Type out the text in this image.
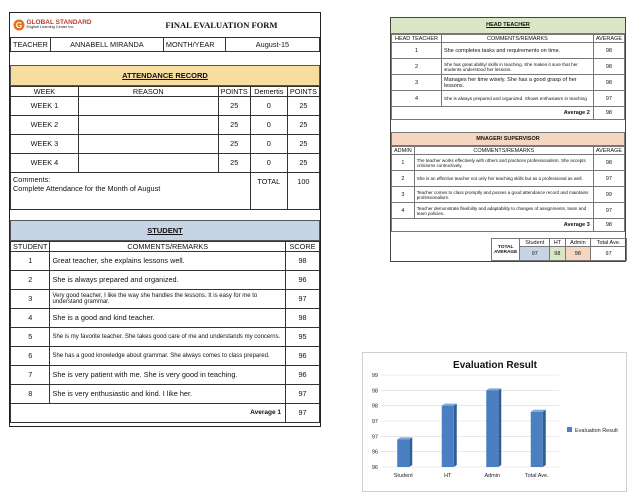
G GLOBAL STANDARD
English Learning Center Inc.		FINAL EVALUATION FORM	
TEACHER	ANNABELL MIRANDA	MONTH/YEAR	August-15
ATTENDANCE RECORD
WEEK	REASON	POINTS	Demertis	POINTS
WEEK 1		25	0	25
WEEK 2		25	0	25
WEEK 3		25	0	25
WEEK 4		25	0	25

Comments:
Complete Attendance for the Month of August			TOTAL	100
STUDENT
STUDENT	COMMENTS/REMARKS	SCORE
1	Great teacher, she explains lessons well.	98
2	She is always prepared and organized.	96
3	Very good teacher, I like the way she handles the lessons. It is easy for me to understand grammar.	97
4	She is a good and kind teacher.	98
5	She is my favorite teacher. She takes good care of me and understands my concerns.	95
6	She has a good knowledge about grammar. She always comes to class prepared.	96
7	She is very patient with me. She is very good in teaching.	96
8	She is very enthusiastic and kind. I like her.	97
Average 1		97
HEAD TEACHER
HEAD TEACHER	COMMENTS/REMARKS	AVERAGE
1	She completes tasks and requirements on time.	98
2	She has great ability/ skills in teaching. She makes it sure that her students understood her lessons.	98
3	Manages her time wisely. She has a good grasp of her lessons.	98
4	She is always prepared and organized. Shows enthusiasm in teaching	97
Average 2		98
MNAGER/ SUPERVISOR
ADMIN	COMMENTS/REMARKS	AVERAGE
1	The teacher works effectively with others and practices professionalism. She accepts criticisms contructively.	98
2	She is an effective teacher not only her teaching skills but as a professional as well.	97
3	Teacher comes to class promptly and posses a good attendance record and maintains professionalism.	99
4	Teacher demonstrate flexibility and adaptability to changes of assignments, team and team policies.	97
Average 3		98
TOTAL AVERAGE	Student	HT	Admin	Total Ave.
	97	98	98	97
Evaluation Result
96
96
97
97
98
98
99
Student	HT	Admin	Total Ave.
Evaluation Result
